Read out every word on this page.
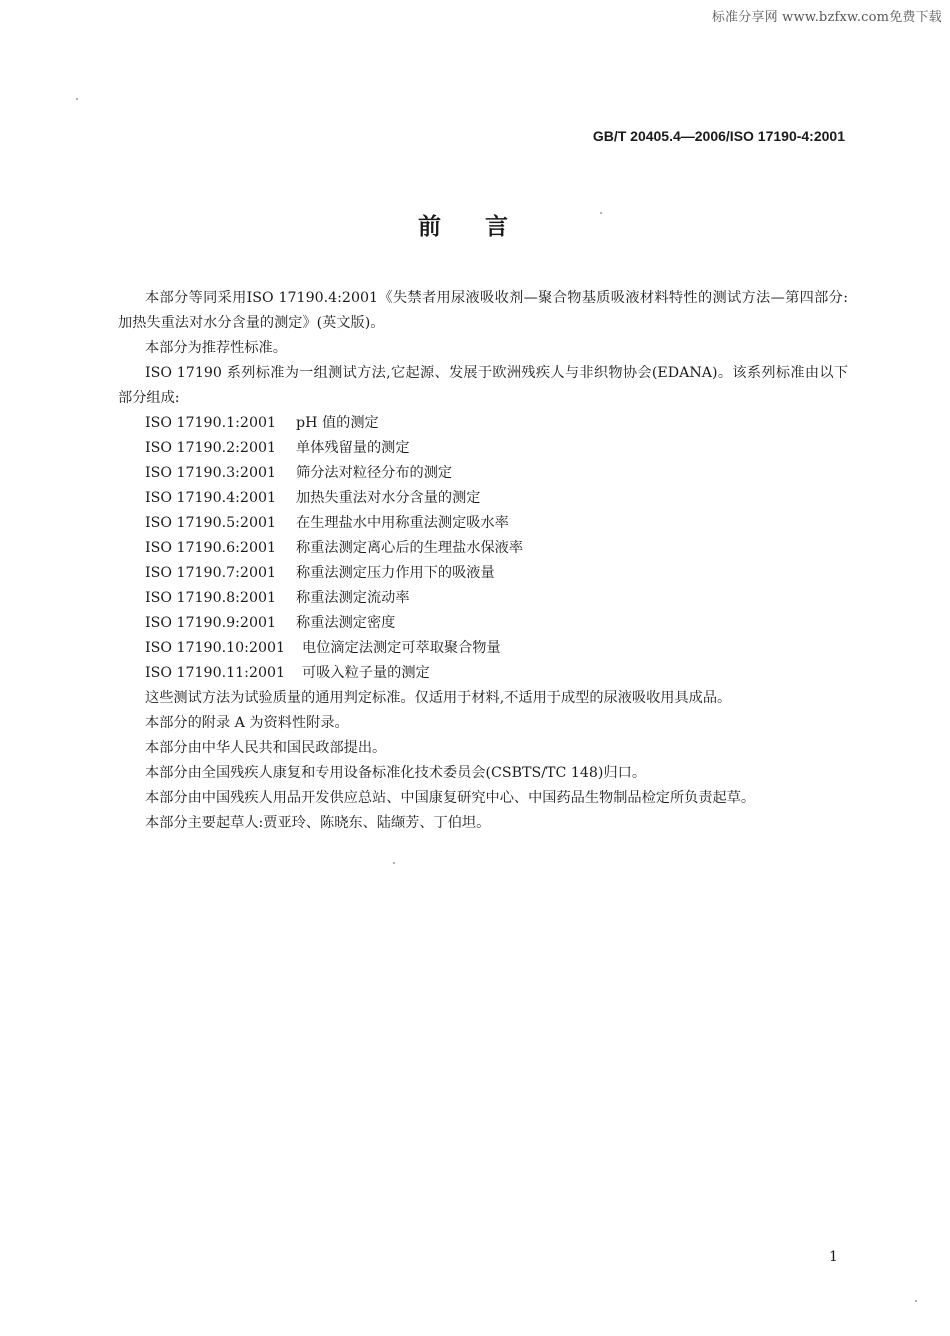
标准分享网 www.bzfxw.com免费下载
GB/T 20405.4—2006/ISO 17190-4:2001
前言

本部分等同采用ISO 17190.4:2001《失禁者用尿液吸收剂—聚合物基质吸液材料特性的测试方法—第四部分:加热失重法对水分含量的测定》(英文版)。

本部分为推荐性标准。

ISO 17190 系列标准为一组测试方法,它起源、发展于欧洲残疾人与非织物协会(EDANA)。该系列标准由以下部分组成:

ISO 17190.1:2001 pH 值的测定
ISO 17190.2:2001 单体残留量的测定
ISO 17190.3:2001 筛分法对粒径分布的测定
ISO 17190.4:2001 加热失重法对水分含量的测定
ISO 17190.5:2001 在生理盐水中用称重法测定吸水率
ISO 17190.6:2001 称重法测定离心后的生理盐水保液率
ISO 17190.7:2001 称重法测定压力作用下的吸液量
ISO 17190.8:2001 称重法测定流动率
ISO 17190.9:2001 称重法测定密度
ISO 17190.10:2001 电位滴定法测定可萃取聚合物量
ISO 17190.11:2001 可吸入粒子量的测定

这些测试方法为试验质量的通用判定标准。仅适用于材料,不适用于成型的尿液吸收用具成品。

本部分的附录 A 为资料性附录。

本部分由中华人民共和国民政部提出。

本部分由全国残疾人康复和专用设备标准化技术委员会(CSBTS/TC 148)归口。

本部分由中国残疾人用品开发供应总站、中国康复研究中心、中国药品生物制品检定所负责起草。

本部分主要起草人:贾亚玲、陈晓东、陆缬芳、丁伯坦。

1
